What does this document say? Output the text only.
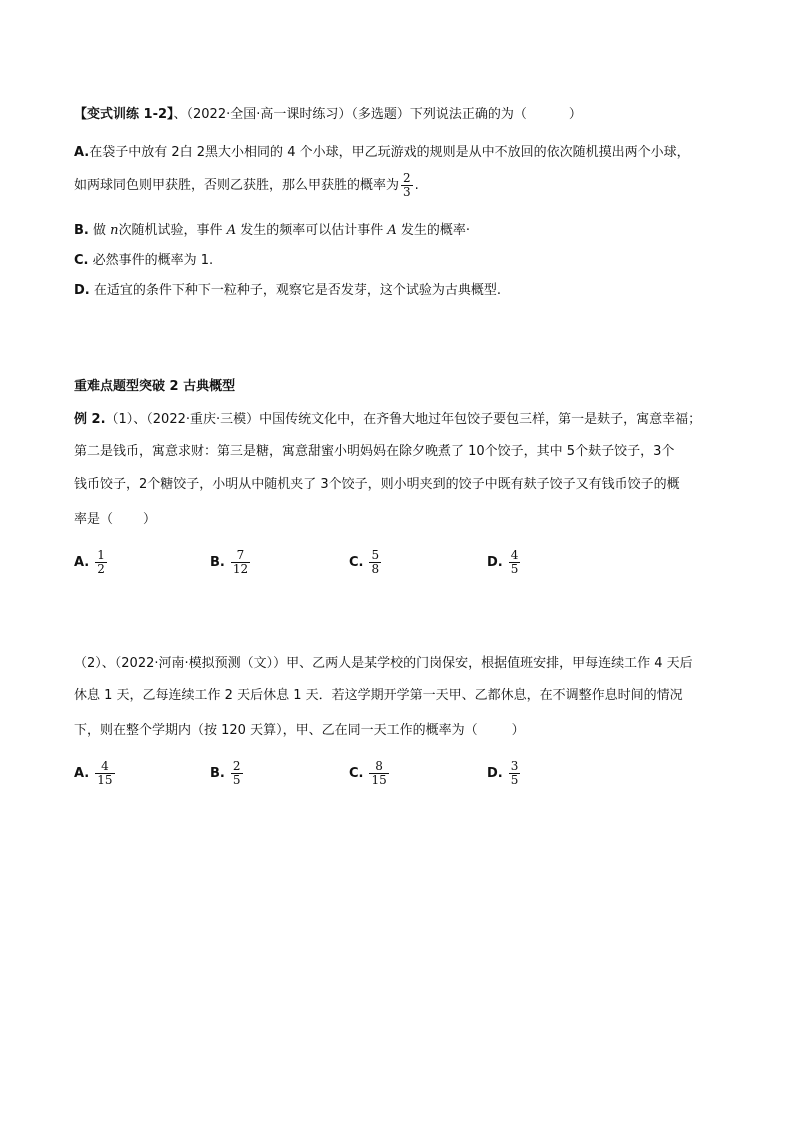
【变式训练 1-2】、（2022·全国·高一课时练习）（多选题）下列说法正确的为（	）
A.在袋子中放有 2白 2黑大小相同的 4 个小球，甲乙玩游戏的规则是从中不放回的依次随机摸出两个小球，
如两球同色则甲获胜，否则乙获胜，那么甲获胜的概率为 $\frac{2}{3}$ .
B. 做 n次随机试验，事件 A 发生的频率可以估计事件 A 发生的概率·
C. 必然事件的概率为 1.
D. 在适宜的条件下种下一粒种子，观察它是否发芽，这个试验为古典概型.
重难点题型突破 2 古典概型
例 2.（1）、（2022·重庆·三模）中国传统文化中，在齐鲁大地过年包饺子要包三样，第一是麸子，寓意幸福；
第二是钱币，寓意求财：第三是糖，寓意甜蜜小明妈妈在除夕晚煮了 10个饺子，其中 5个麸子饺子，3个
钱币饺子，2个糖饺子，小明从中随机夹了 3个饺子，则小明夹到的饺子中既有麸子饺子又有钱币饺子的概
率是（ ）
A. $\frac{1}{2}$	B. $\frac{7}{12}$	C. $\frac{5}{8}$	D. $\frac{4}{5}$
（2）、（2022·河南·模拟预测（文））甲、乙两人是某学校的门岗保安，根据值班安排，甲每连续工作 4 天后
休息 1 天，乙每连续工作 2 天后休息 1 天．若这学期开学第一天甲、乙都休息，在不调整作息时间的情况
下，则在整个学期内（按 120 天算），甲、乙在同一天工作的概率为（	）
A. $\frac{4}{15}$	B. $\frac{2}{5}$	C. $\frac{8}{15}$	D. $\frac{3}{5}$
